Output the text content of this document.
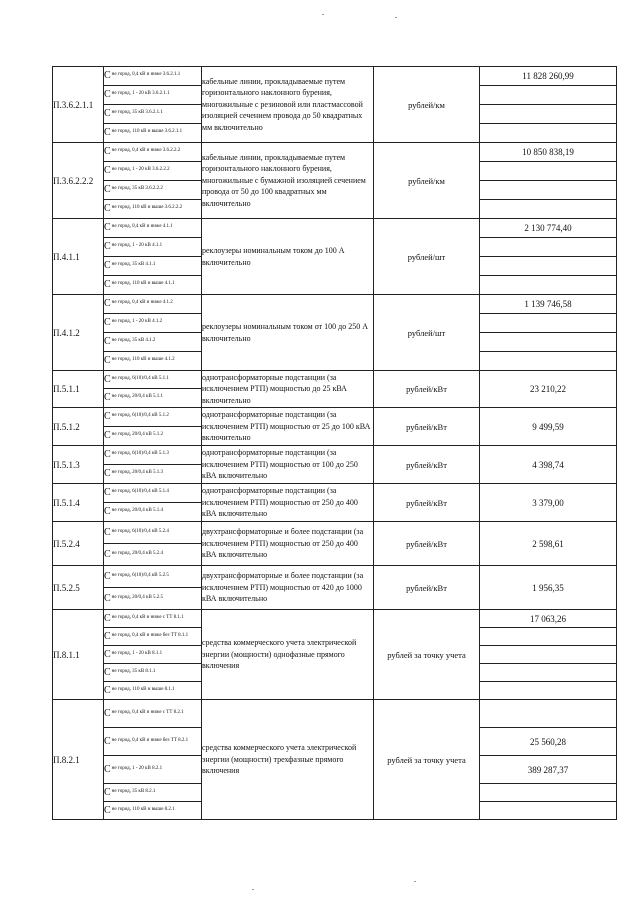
П.3.6.2.1.1	C не город, 0,4 кВ и ниже 3.6.2.1.1	кабельные линии, прокладываемые путем горизонтального наклонного бурения, многожильные с резиновой или пластмассовой изоляцией сечением провода до 50 квадратных мм включительно	рублей/км	11 828 260,99

	C не город, 1 - 20 кВ 3.6.2.1.1			

	C не город, 35 кВ 3.6.2.1.1			

	C не город, 110 кВ и выше 3.6.2.1.1			
П.3.6.2.2.2	C не город, 0,4 кВ и ниже 3.6.2.2.2	кабельные линии, прокладываемые путем горизонтального наклонного бурения, многожильные с бумажной изоляцией сечением провода от 50 до 100 квадратных мм включительно	рублей/км	10 850 838,19

	C не город, 1 - 20 кВ 3.6.2.2.2			

	C не город, 35 кВ 3.6.2.2.2			

	C не город, 110 кВ и выше 3.6.2.2.2			
П.4.1.1	C не город, 0,4 кВ и ниже 4.1.1	реклоузеры номинальным током до 100 А включительно	рублей/шт	2 130 774,40

	C не город, 1 - 20 кВ 4.1.1			

	C не город, 35 кВ 4.1.1			

	C не город, 110 кВ и выше 4.1.1			
П.4.1.2	C не город, 0,4 кВ и ниже 4.1.2	реклоузеры номинальным током от 100 до 250 А включительно	рублей/шт	1 139 746,58

	C не город, 1 - 20 кВ 4.1.2			

	C не город, 35 кВ 4.1.2			

	C не город, 110 кВ и выше 4.1.2			
П.5.1.1	C не город, 6(10)/0,4 кВ 5.1.1	однотрансформаторные подстанции (за исключением РТП) мощностью до 25 кВА включительно	рублей/кВт	23 210,22

	C не город, 20/0,4 кВ 5.1.1			
П.5.1.2	C не город, 6(10)/0,4 кВ 5.1.2	однотрансформаторные подстанции (за исключением РТП) мощностью от 25 до 100 кВА включительно	рублей/кВт	9 499,59

	C не город, 20/0,4 кВ 5.1.2			
П.5.1.3	C не город, 6(10)/0,4 кВ 5.1.3	однотрансформаторные подстанции (за исключением РТП) мощностью от 100 до 250 кВА включительно	рублей/кВт	4 398,74

	C не город, 20/0,4 кВ 5.1.3			
П.5.1.4	C не город, 6(10)/0,4 кВ 5.1.4	однотрансформаторные подстанции (за исключением РТП) мощностью от 250 до 400 кВА включительно	рублей/кВт	3 379,00

	C не город, 20/0,4 кВ 5.1.4			
П.5.2.4	C не город, 6(10)/0,4 кВ 5.2.4	двухтрансформаторные и более подстанции (за исключением РТП) мощностью от 250 до 400 кВА включительно	рублей/кВт	2 598,61

	C не город, 20/0,4 кВ 5.2.4			
П.5.2.5	C не город, 6(10)/0,4 кВ 5.2.5	двухтрансформаторные и более подстанции (за исключением РТП) мощностью от 420 до 1000 кВА включительно	рублей/кВт	1 956,35

	C не город, 20/0,4 кВ 5.2.5			
П.8.1.1	C не город, 0,4 кВ и ниже с ТТ 8.1.1	средства коммерческого учета электрической энергии (мощности) однофазные прямого включения	рублей за точку учета	17 063,26

	C не город, 0,4 кВ и ниже без ТТ 8.1.1			

	C не город, 1 - 20 кВ 8.1.1			

	C не город, 35 кВ 8.1.1			

	C не город, 110 кВ и выше 8.1.1			
П.8.2.1	C не город, 0,4 кВ и ниже с ТТ 8.2.1	средства коммерческого учета электрической энергии (мощности) трехфазные прямого включения	рублей за точку учета	

	C не город, 0,4 кВ и ниже без ТТ 8.2.1			25 560,28

	C не город, 1 - 20 кВ 8.2.1			389 287,37

	C не город, 35 кВ 8.2.1			

	C не город, 110 кВ и выше 8.2.1			
